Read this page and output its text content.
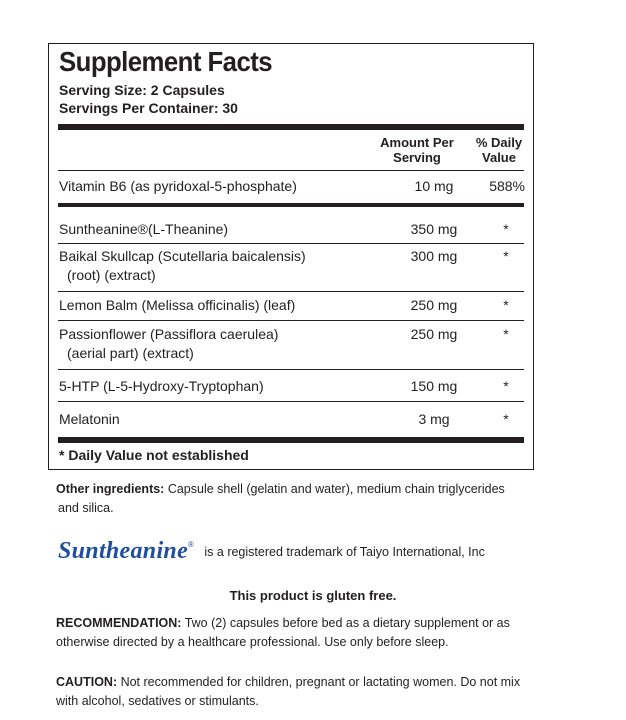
Supplement Facts
Serving Size: 2 Capsules
Servings Per Container: 30
Amount Per
Serving
% Daily
Value
Vitamin B6 (as pyridoxal-5-phosphate)	10 mg	588%
Suntheanine®(L-Theanine)	350 mg	*
Baikal Skullcap (Scutellaria baicalensis)
(root) (extract)
300 mg	*
Lemon Balm (Melissa officinalis) (leaf)	250 mg	*
Passionflower (Passiflora caerulea)
(aerial part) (extract)
250 mg	*
5-HTP (L-5-Hydroxy-Tryptophan)	150 mg	*
Melatonin	3 mg	*
* Daily Value not established
Other ingredients: Capsule shell (gelatin and water), medium chain triglycerides
and silica.
Suntheanine® is a registered trademark of Taiyo International, Inc
This product is gluten free.
RECOMMENDATION: Two (2) capsules before bed as a dietary supplement or as
otherwise directed by a healthcare professional. Use only before sleep.
CAUTION: Not recommended for children, pregnant or lactating women. Do not mix
with alcohol, sedatives or stimulants.
